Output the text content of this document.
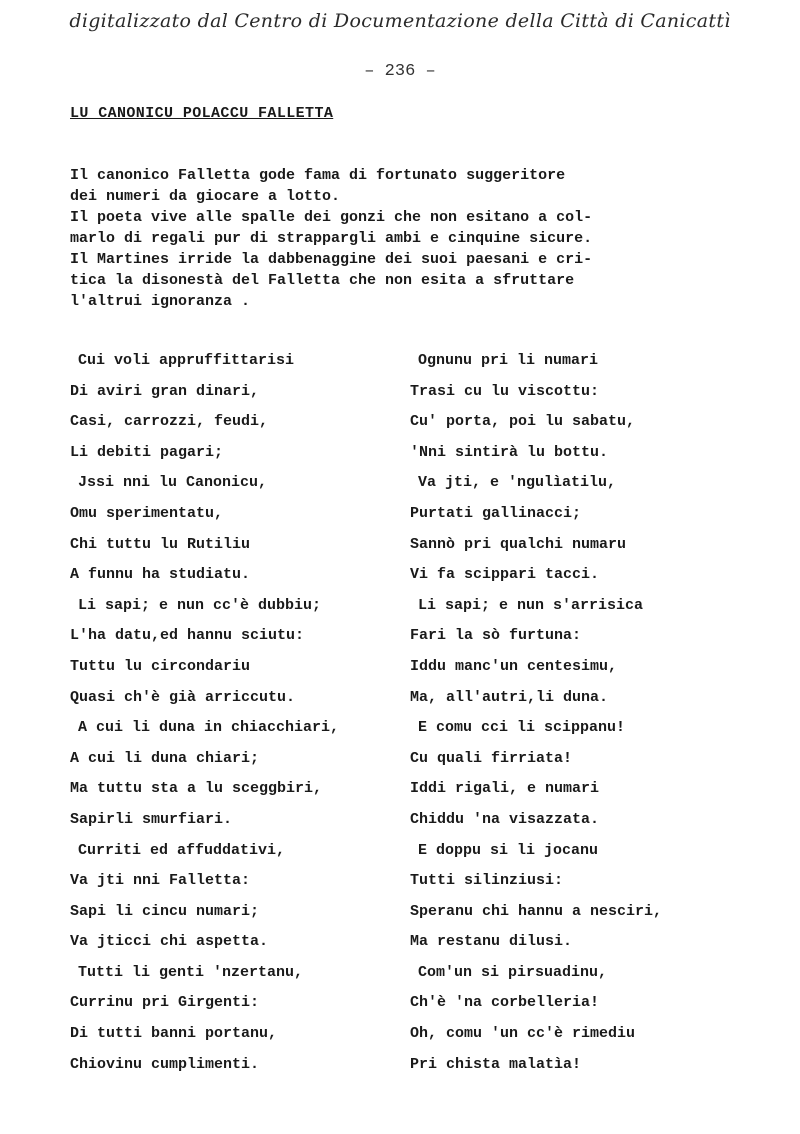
digitalizzato dal Centro di Documentazione della Città di Canicattì
– 236 –
LU CANONICU POLACCU FALLETTA
Il canonico Falletta gode fama di fortunato suggeritore
dei numeri da giocare a lotto.
Il poeta vive alle spalle dei gonzi che non esitano a col-
marlo di regali pur di strappargli ambi e cinquine sicure.
Il Martines irride la dabbenaggine dei suoi paesani e cri-
tica la disonestà del Falletta che non esita a sfruttare
l'altrui ignoranza .
Cui voli appruffittarisi
Di aviri gran dinari,
Casi, carrozzi, feudi,
Li debiti pagari;
Jssi nni lu Canonicu,
Omu sperimentatu,
Chi tuttu lu Rutiliu
A funnu ha studiatu.
Li sapi; e nun cc'è dubbiu;
L'ha datu,ed hannu sciutu:
Tuttu lu circondariu
Quasi ch'è già arriccutu.
A cui li duna in chiacchiari,
A cui li duna chiari;
Ma tuttu sta a lu sceggbiri,
Sapirli smurfiari.
Curriti ed affuddativi,
Va jti nni Falletta:
Sapi li cincu numari;
Va jticci chi aspetta.
Tutti li genti 'nzertanu,
Currinu pri Girgenti:
Di tutti banni portanu,
Chiovinu cumplimenti.
Ognunu pri li numari
Trasi cu lu viscottu:
Cu' porta, poi lu sabatu,
'Nni sintirà lu bottu.
Va jti, e 'ngulìatilu,
Purtati gallinacci;
Sannò pri qualchi numaru
Vi fa scippari tacci.
Li sapi; e nun s'arrisica
Fari la sò furtuna:
Iddu manc'un centesimu,
Ma, all'autri,li duna.
E comu cci li scippanu!
Cu quali firriata!
Iddi rigali, e numari
Chiddu 'na visazzata.
E doppu si li jocanu
Tutti silinziusi:
Speranu chi hannu a nesciri,
Ma restanu dilusi.
Com'un si pirsuadinu,
Ch'è 'na corbelleria!
Oh, comu 'un cc'è rimediu
Pri chista malatìa!
